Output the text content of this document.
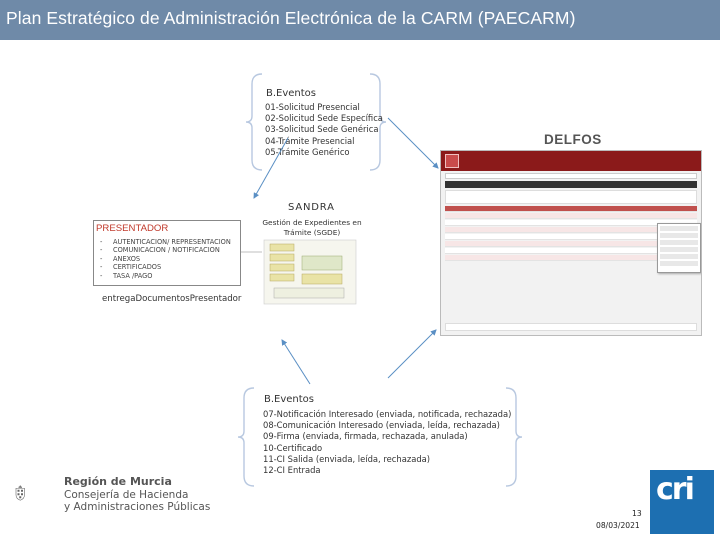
Plan Estratégico de Administración Electrónica de la CARM (PAECARM)
B.Eventos
01-Solicitud Presencial
02-Solicitud Sede Específica
03-Solicitud Sede Genérica
04-Trámite Presencial
05-Trámite Genérico
DELFOS
SANDRA
Gestión de Expedientes en Trámite (SGDE)
PRESENTADOR
- AUTENTICACION/ REPRESENTACION
- COMUNICACION / NOTIFICACION
- ANEXOS
- CERTIFICADOS
- TASA /PAGO
entregaDocumentosPresentador
B.Eventos
07-Notificación Interesado (enviada, notificada, rechazada)
08-Comunicación Interesado (enviada, leída, rechazada)
09-Firma (enviada, firmada, rechazada, anulada)
10-Certificado
11-CI Salida (enviada, leída, rechazada)
12-CI Entrada
Región de Murcia
Consejería de Hacienda
y Administraciones Públicas	cri
13
08/03/2021
